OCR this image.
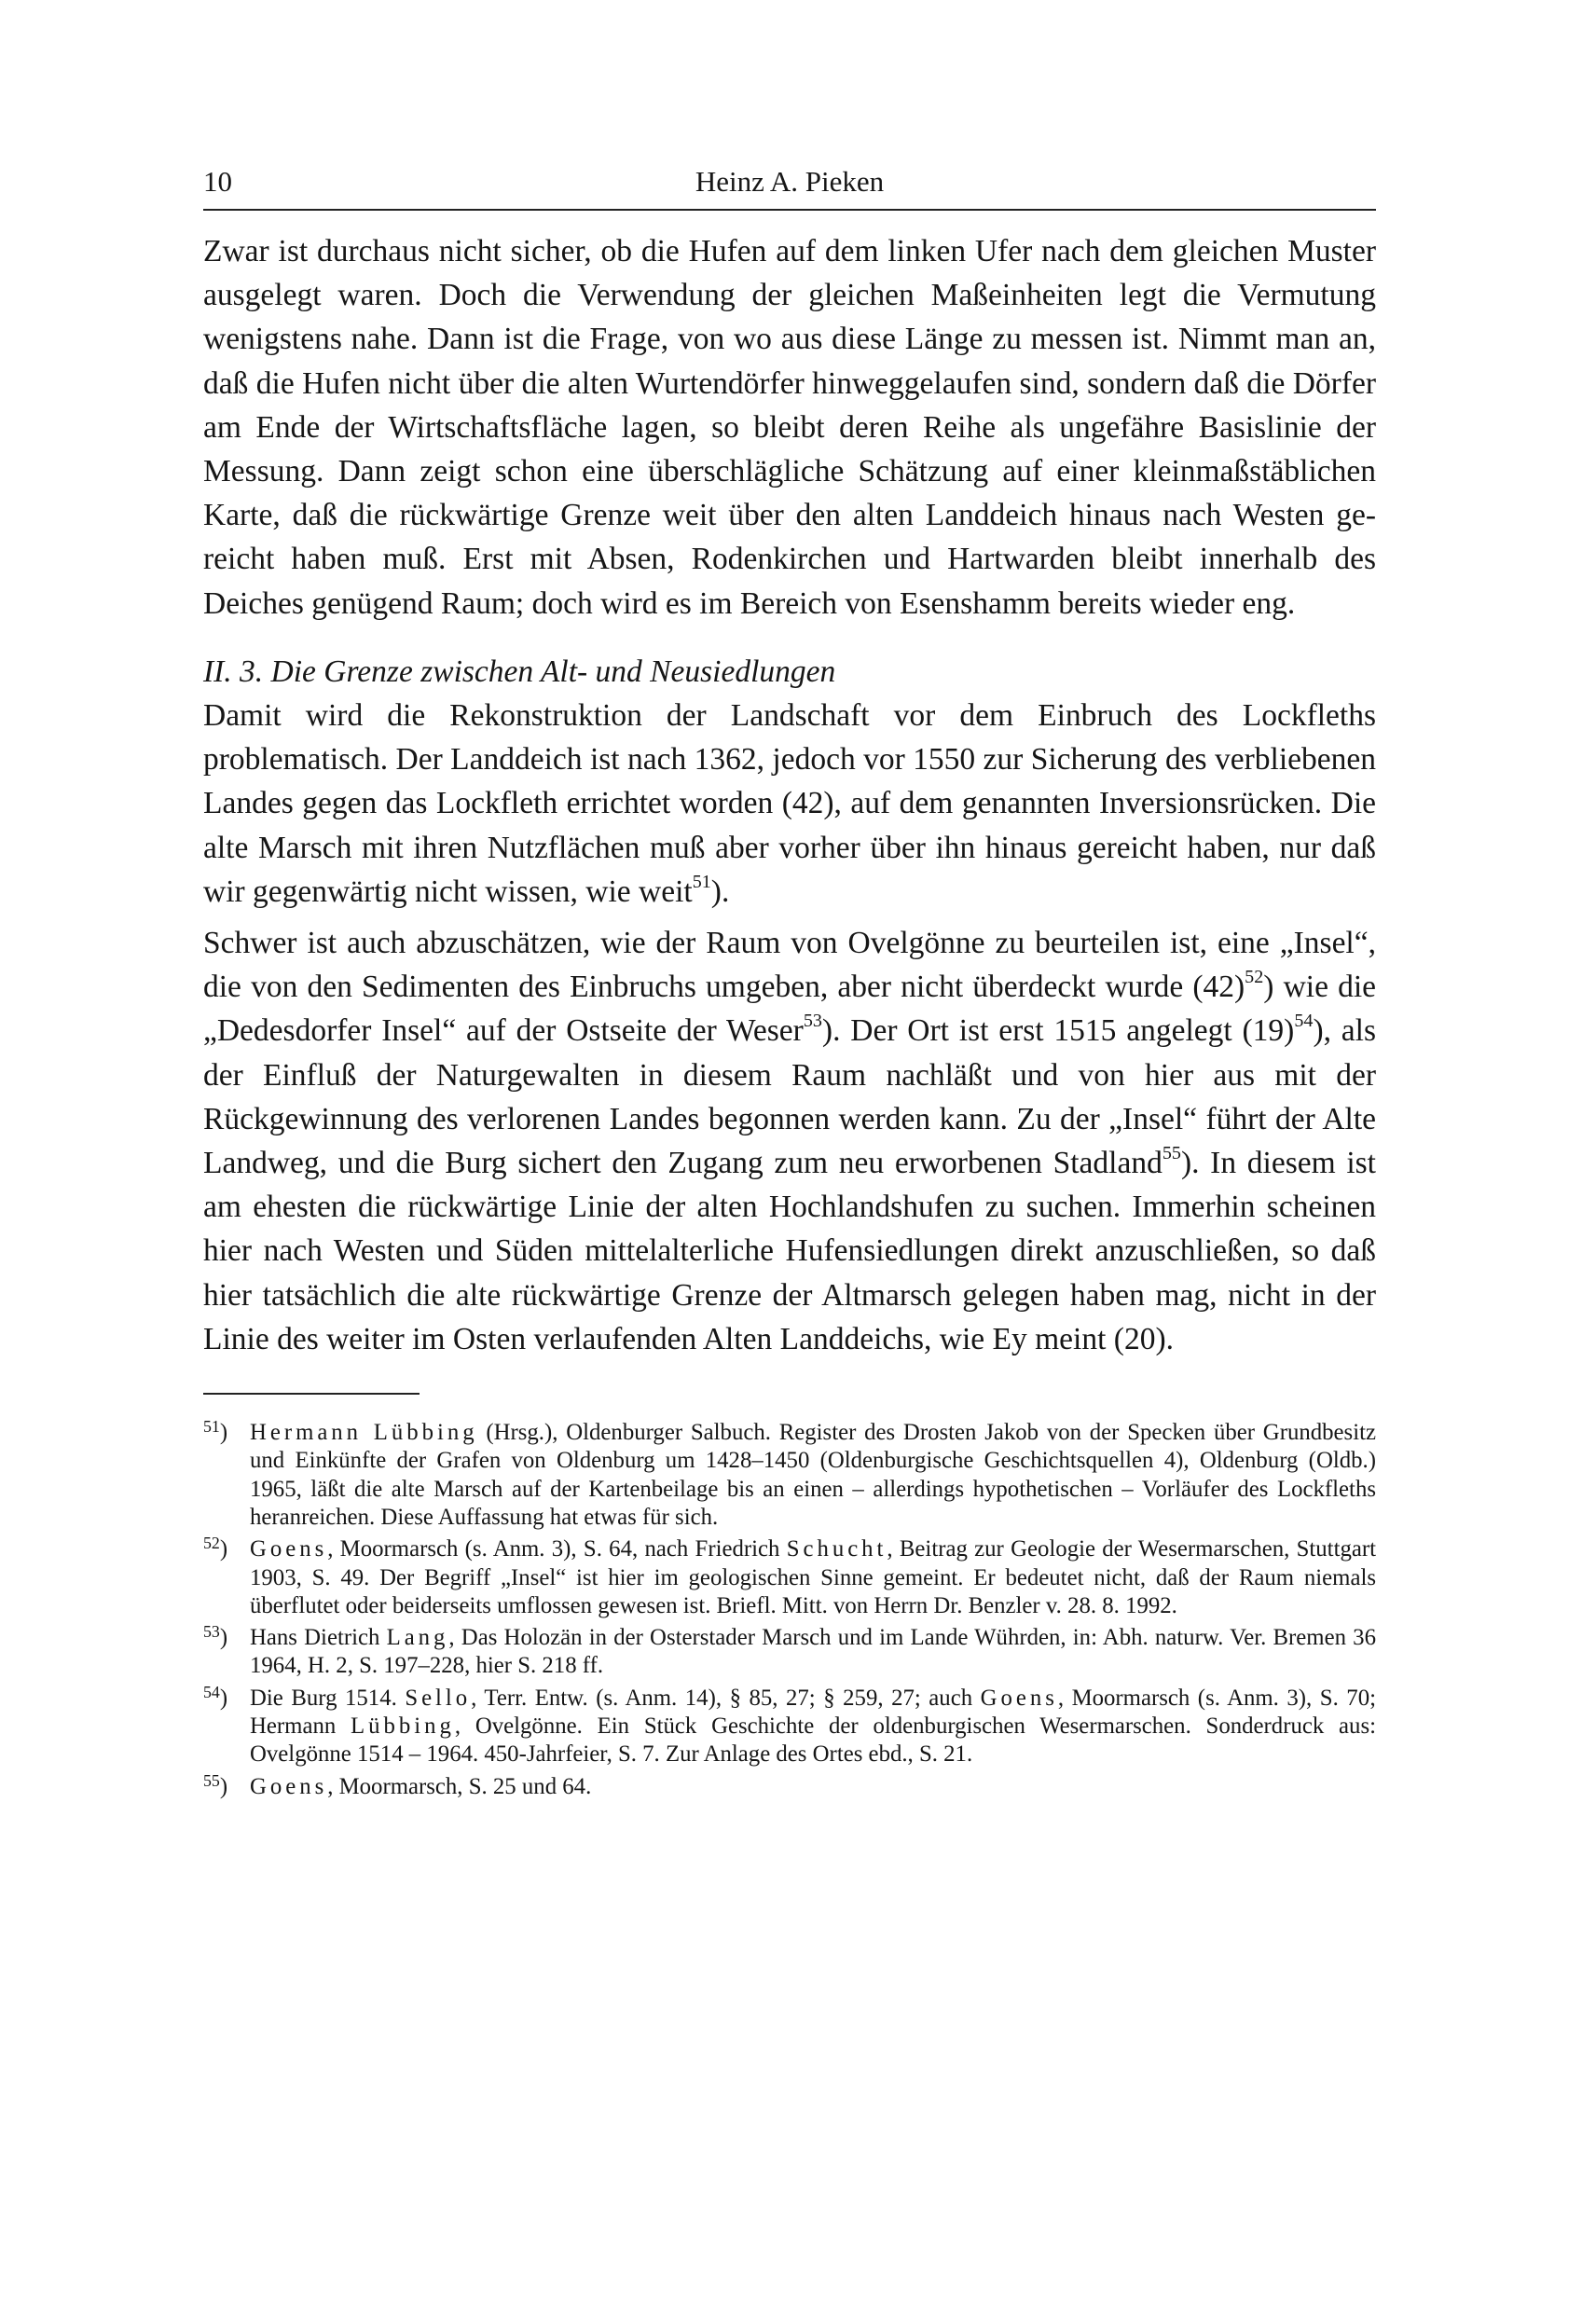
10	Heinz A. Pieken

Zwar ist durchaus nicht sicher, ob die Hufen auf dem linken Ufer nach dem gleichen Muster ausgelegt waren. Doch die Verwendung der gleichen Maßeinheiten legt die Vermutung wenigstens nahe. Dann ist die Frage, von wo aus diese Länge zu messen ist. Nimmt man an, daß die Hufen nicht über die alten Wurtendörfer hinweggelaufen sind, sondern daß die Dörfer am Ende der Wirtschaftsfläche lagen, so bleibt deren Reihe als ungefähre Basislinie der Messung. Dann zeigt schon eine überschlägliche Schätzung auf einer kleinmaßstäblichen Karte, daß die rückwärtige Grenze weit über den alten Landdeich hinaus nach Westen gereicht haben muß. Erst mit Absen, Rodenkirchen und Hartwarden bleibt innerhalb des Deiches genügend Raum; doch wird es im Bereich von Esenshamm bereits wieder eng.

II. 3. Die Grenze zwischen Alt- und Neusiedlungen

Damit wird die Rekonstruktion der Landschaft vor dem Einbruch des Lockfleths problematisch. Der Landdeich ist nach 1362, jedoch vor 1550 zur Sicherung des verbliebenen Landes gegen das Lockfleth errichtet worden (42), auf dem genannten Inversionsrücken. Die alte Marsch mit ihren Nutzflächen muß aber vorher über ihn hinaus gereicht haben, nur daß wir gegenwärtig nicht wissen, wie weit$^{51}$).

Schwer ist auch abzuschätzen, wie der Raum von Ovelgönne zu beurteilen ist, eine „Insel“, die von den Sedimenten des Einbruchs umgeben, aber nicht überdeckt wurde $(42)^{52}$) wie die „Dedesdorfer Insel“ auf der Ostseite der Weser$^{53}$). Der Ort ist erst 1515 angelegt $(19)^{54}$), als der Einfluß der Naturgewalten in diesem Raum nachläßt und von hier aus mit der Rückgewinnung des verlorenen Landes begonnen werden kann. Zu der „Insel“ führt der Alte Landweg, und die Burg sichert den Zugang zum neu erworbenen Stadland$^{55}$). In diesem ist am ehesten die rückwärtige Linie der alten Hochlandshufen zu suchen. Immerhin scheinen hier nach Westen und Süden mittelalterliche Hufensiedlungen direkt anzuschließen, so daß hier tatsächlich die alte rückwärtige Grenze der Altmarsch gelegen haben mag, nicht in der Linie des weiter im Osten verlaufenden Alten Landdeichs, wie Ey meint (20).

$^{51}$) Hermann Lübbing (Hrsg.), Oldenburger Salbuch. Register des Drosten Jakob von der Specken über Grundbesitz und Einkünfte der Grafen von Oldenburg um 1428–1450 (Oldenburgische Geschichtsquellen 4), Oldenburg (Oldb.) 1965, läßt die alte Marsch auf der Kartenbeilage bis an einen – allerdings hypothetischen – Vorläufer des Lockfleths heranreichen. Diese Auffassung hat etwas für sich.
$^{52}$) Goens, Moormarsch (s. Anm. 3), S. 64, nach Friedrich Schucht, Beitrag zur Geologie der Wesermarschen, Stuttgart 1903, S. 49. Der Begriff „Insel“ ist hier im geologischen Sinne gemeint. Er bedeutet nicht, daß der Raum niemals überflutet oder beiderseits umflossen gewesen ist. Briefl. Mitt. von Herrn Dr. Benzler v. 28. 8. 1992.
$^{53}$) Hans Dietrich Lang, Das Holozän in der Osterstader Marsch und im Lande Wührden, in: Abh. naturw. Ver. Bremen 36 1964, H. 2, S. 197–228, hier S. 218 ff.
$^{54}$) Die Burg 1514. Sello, Terr. Entw. (s. Anm. 14), § 85, 27; § 259, 27; auch Goens, Moormarsch (s. Anm. 3), S. 70; Hermann Lübbing, Ovelgönne. Ein Stück Geschichte der oldenburgischen Wesermarschen. Sonderdruck aus: Ovelgönne 1514 – 1964. 450-Jahrfeier, S. 7. Zur Anlage des Ortes ebd., S. 21.
$^{55}$) Goens, Moormarsch, S. 25 und 64.
